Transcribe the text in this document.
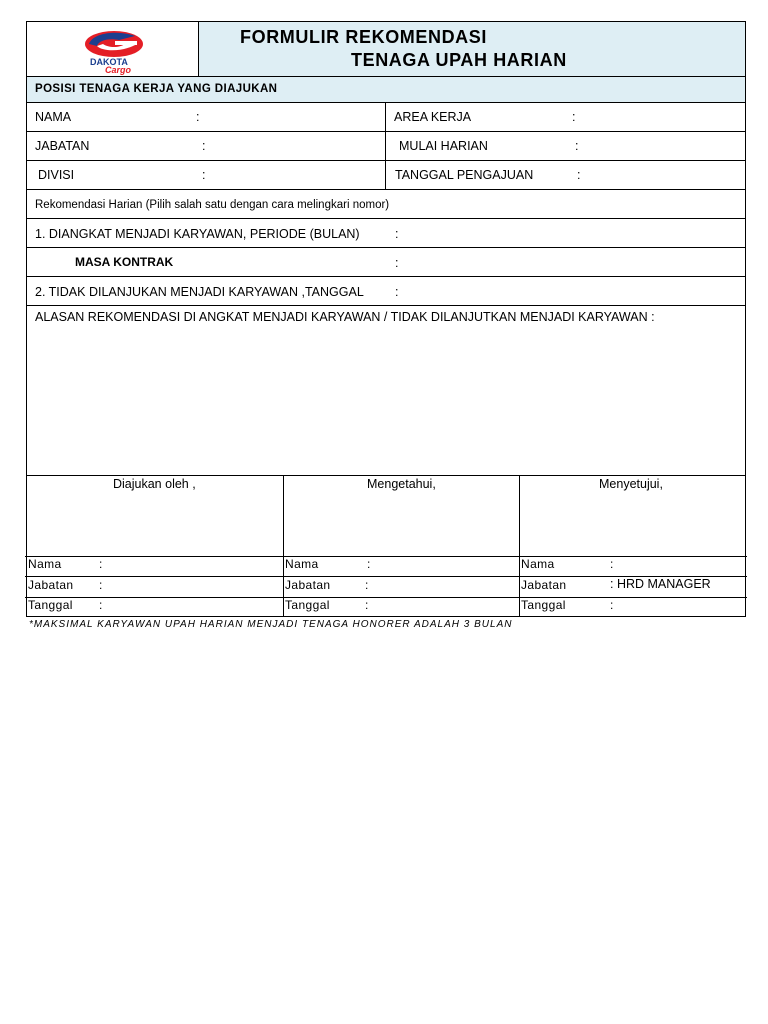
DAKOTA
Cargo
FORMULIR REKOMENDASI
TENAGA UPAH HARIAN
POSISI TENAGA KERJA YANG DIAJUKAN
NAMA	:	AREA KERJA	:
JABATAN	:	MULAI HARIAN	:
DIVISI	:	TANGGAL PENGAJUAN	:
Rekomendasi Harian (Pilih salah satu dengan cara melingkari nomor)
1. DIANGKAT MENJADI KARYAWAN, PERIODE (BULAN)	:
MASA KONTRAK	:
2. TIDAK DILANJUKAN MENJADI KARYAWAN ,TANGGAL :
ALASAN REKOMENDASI DI ANGKAT MENJADI KARYAWAN / TIDAK DILANJUTKAN MENJADI KARYAWAN :
Diajukan oleh ,	Mengetahui,	Menyetujui,
Nama	:	Nama	:	Nama	:
Jabatan :	Jabatan	:	Jabatan	: HRD MANAGER
Tanggal :	Tanggal	:	Tanggal	:
*MAKSIMAL KARYAWAN UPAH HARIAN MENJADI TENAGA HONORER ADALAH 3 BULAN
